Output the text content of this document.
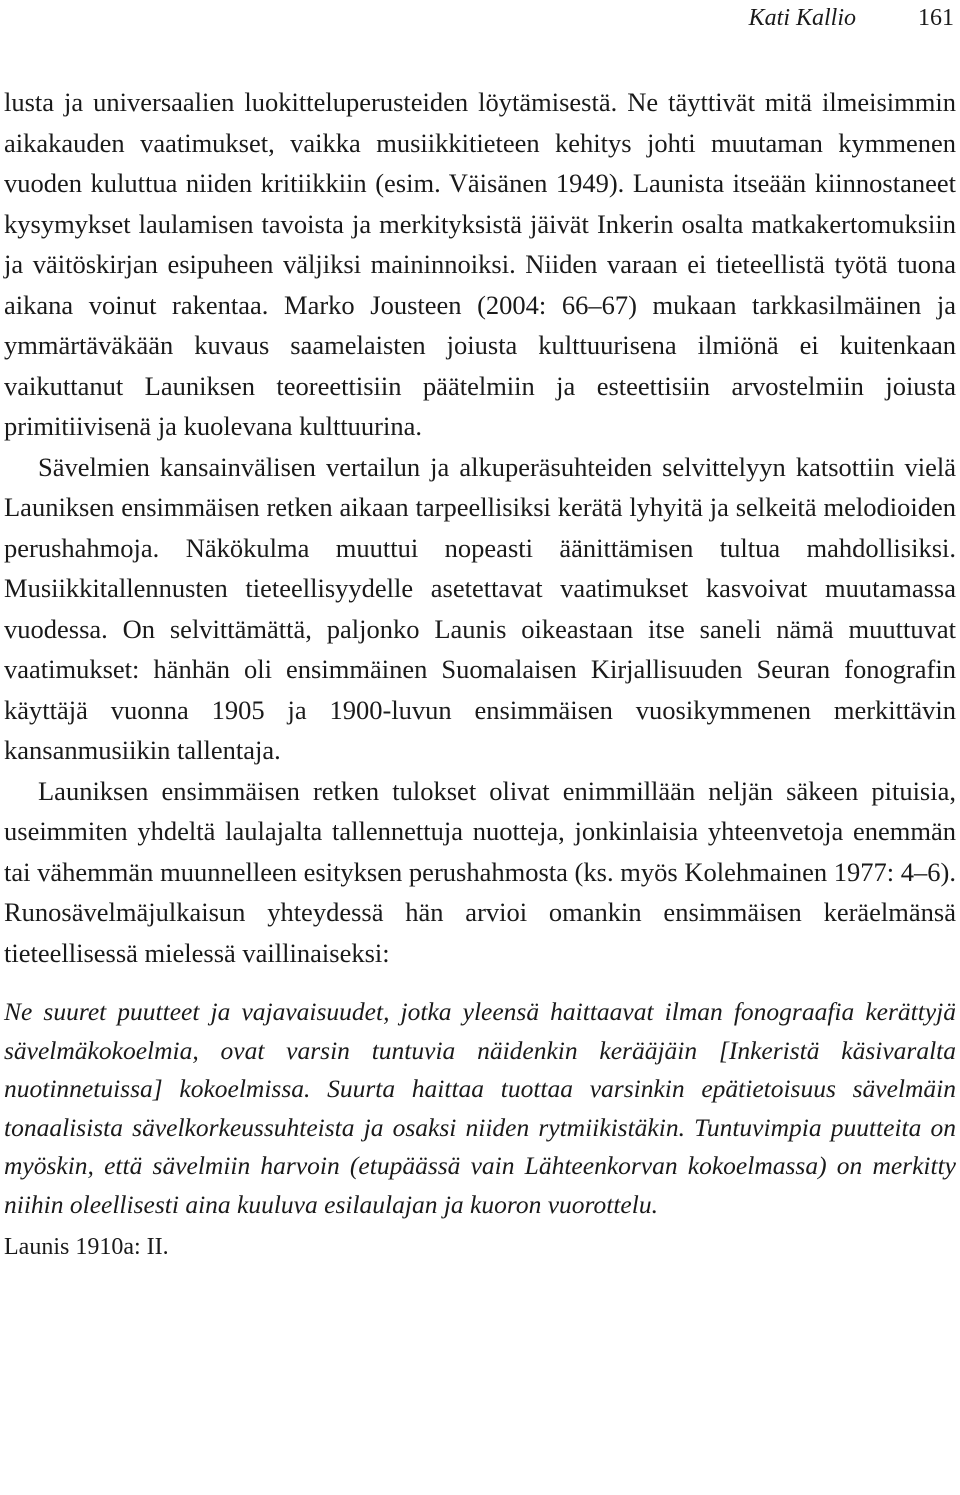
Kati Kallio	161

lusta ja universaalien luokitteluperusteiden löytämisestä. Ne täyttivät mitä ilmeisimmin aikakauden vaatimukset, vaikka musiikkitieteen kehitys johti muutaman kymmenen vuoden kuluttua niiden kritiikkiin (esim. Väisänen 1949). Launista itseään kiinnostaneet kysymykset laulamisen tavoista ja merkityksistä jäivät Inkerin osalta matkakertomuksiin ja väitöskirjan esipuheen väljiksi maininnoiksi. Niiden varaan ei tieteellistä työtä tuona aikana voinut rakentaa. Marko Jousteen (2004: 66–67) mukaan tarkkasilmäinen ja ymmärtäväkään kuvaus saamelaisten joiusta kulttuurisena ilmiönä ei kuitenkaan vaikuttanut Launiksen teoreettisiin päätelmiin ja esteettisiin arvostelmiin joiusta primitiivisenä ja kuolevana kulttuurina.

Sävelmien kansainvälisen vertailun ja alkuperäsuhteiden selvittelyyn katsottiin vielä Launiksen ensimmäisen retken aikaan tarpeellisiksi kerätä lyhyitä ja selkeitä melodioiden perushahmoja. Näkökulma muuttui nopeasti äänittämisen tultua mahdollisiksi. Musiikkitallennusten tieteellisyydelle asetettavat vaatimukset kasvoivat muutamassa vuodessa. On selvittämättä, paljonko Launis oikeastaan itse saneli nämä muuttuvat vaatimukset: hänhän oli ensimmäinen Suomalaisen Kirjallisuuden Seuran fonografin käyttäjä vuonna 1905 ja 1900-luvun ensimmäisen vuosikymmenen merkittävin kansanmusiikin tallentaja.

Launiksen ensimmäisen retken tulokset olivat enimmillään neljän säkeen pituisia, useimmiten yhdeltä laulajalta tallennettuja nuotteja, jonkinlaisia yhteenvetoja enemmän tai vähemmän muunnelleen esityksen perushahmosta (ks. myös Kolehmainen 1977: 4–6). Runosävelmäjulkaisun yhteydessä hän arvioi omankin ensimmäisen keräelmänsä tieteellisessä mielessä vaillinaiseksi:

Ne suuret puutteet ja vajavaisuudet, jotka yleensä haittaavat ilman fonograafia kerättyjä sävelmäkokoelmia, ovat varsin tuntuvia näidenkin kerääjäin [Inkeristä käsivaralta nuotinnetuissa] kokoelmissa. Suurta haittaa tuottaa varsinkin epätietoisuus sävelmäin tonaalisista sävelkorkeussuhteista ja osaksi niiden rytmiikistäkin. Tuntuvimpia puutteita on myöskin, että sävelmiin harvoin (etupäässä vain Lähteenkorvan kokoelmassa) on merkitty niihin oleellisesti aina kuuluva esilaulajan ja kuoron vuorottelu.

Launis 1910a: II.
